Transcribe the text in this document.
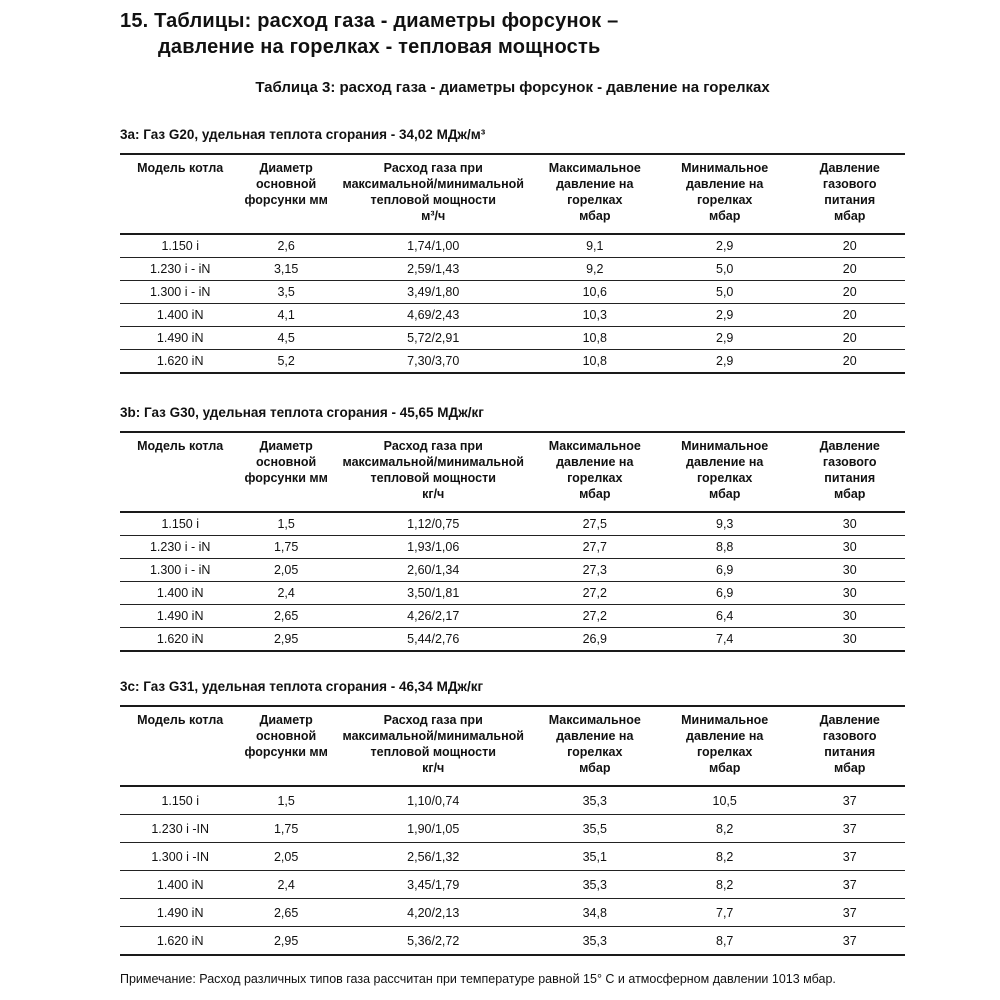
15. Таблицы: расход газа - диаметры форсунок –
давление на горелках - тепловая мощность
Таблица 3: расход газа - диаметры форсунок - давление на горелках
3a: Газ G20, удельная теплота сгорания - 34,02 МДж/м³
Модель котла	Диаметр
основной
форсунки мм	Расход газа при
максимальной/минимальной
тепловой мощности
м³/ч	Максимальное
давление на
горелках
мбар	Минимальное
давление на
горелках
мбар	Давление
газового
питания
мбар
1.150 i	2,6	1,74/1,00	9,1	2,9	20
1.230 i - iN	3,15	2,59/1,43	9,2	5,0	20
1.300 i - iN	3,5	3,49/1,80	10,6	5,0	20
1.400 iN	4,1	4,69/2,43	10,3	2,9	20
1.490 iN	4,5	5,72/2,91	10,8	2,9	20
1.620 iN	5,2	7,30/3,70	10,8	2,9	20
3b: Газ G30, удельная теплота сгорания - 45,65 МДж/кг
Модель котла	Диаметр
основной
форсунки мм	Расход газа при
максимальной/минимальной
тепловой мощности
кг/ч	Максимальное
давление на
горелках
мбар	Минимальное
давление на
горелках
мбар	Давление
газового
питания
мбар
1.150 i	1,5	1,12/0,75	27,5	9,3	30
1.230 i - iN	1,75	1,93/1,06	27,7	8,8	30
1.300 i - iN	2,05	2,60/1,34	27,3	6,9	30
1.400 iN	2,4	3,50/1,81	27,2	6,9	30
1.490 iN	2,65	4,26/2,17	27,2	6,4	30
1.620 iN	2,95	5,44/2,76	26,9	7,4	30
3c: Газ G31, удельная теплота сгорания - 46,34 МДж/кг
Модель котла	Диаметр
основной
форсунки мм	Расход газа при
максимальной/минимальной
тепловой мощности
кг/ч	Максимальное
давление на
горелках
мбар	Минимальное
давление на
горелках
мбар	Давление
газового
питания
мбар
1.150 i	1,5	1,10/0,74	35,3	10,5	37
1.230 i -IN	1,75	1,90/1,05	35,5	8,2	37
1.300 i -IN	2,05	2,56/1,32	35,1	8,2	37
1.400 iN	2,4	3,45/1,79	35,3	8,2	37
1.490 iN	2,65	4,20/2,13	34,8	7,7	37
1.620 iN	2,95	5,36/2,72	35,3	8,7	37
Примечание: Расход различных типов газа рассчитан при температуре равной 15° С и атмосферном давлении 1013 мбар.
